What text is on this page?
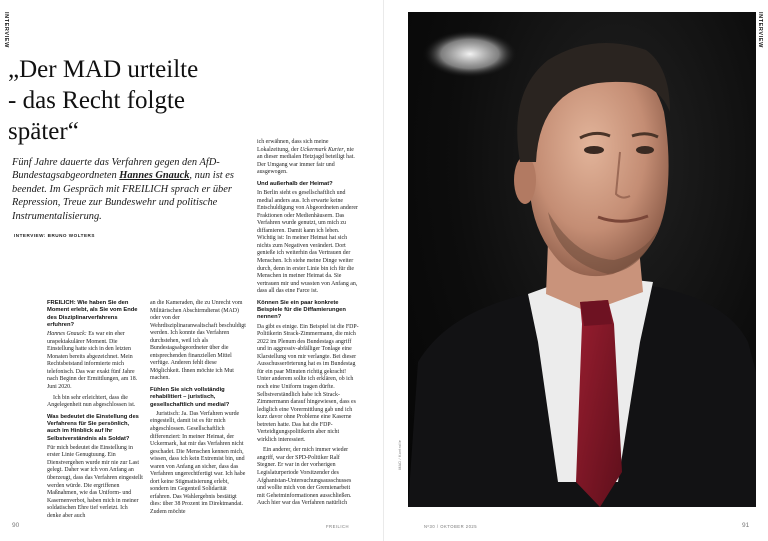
INTERVIEW
„Der MAD urteilte
- das Recht folgte
später“

Fünf Jahre dauerte das Verfahren gegen den AfD-Bundestagsabgeordneten Hannes Gnauck, nun ist es beendet. Im Gespräch mit FREILICH sprach er über Repression, Treue zur Bundeswehr und politische Instrumentalisierung.

INTERVIEW: BRUNO WOLTERS

FREILICH: Wie haben Sie den Moment erlebt, als Sie vom Ende des Disziplinarverfahrens erfuhren?

Hannes Gnauck: Es war ein eher unspektakulärer Moment. Die Einstellung hatte sich in den letzten Monaten bereits abgezeichnet. Mein Rechtsbeistand informierte mich telefonisch. Das war exakt fünf Jahre nach Beginn der Ermittlungen, am 18. Juni 2020.

Ich bin sehr erleichtert, dass die Angelegenheit nun abgeschlossen ist.

Was bedeutet die Einstellung des Verfahrens für Sie persönlich, auch im Hinblick auf Ihr Selbstverständnis als Soldat?

Für mich bedeutet die Einstellung in erster Linie Genugtuung. Ein Dienstvergehen wurde mir nie zur Last gelegt. Daher war ich von Anfang an überzeugt, dass das Verfahren eingestellt werden würde. Die ergriffenen Maßnahmen, wie das Uniform- und Kasernenverbot, haben mich in meiner soldatischen Ehre tief verletzt. Ich denke aber auch

an die Kameraden, die zu Unrecht vom Militärischen Abschirmdienst (MAD) oder von der Wehrdisziplinaranwaltschaft beschuldigt werden. Ich konnte das Verfahren durchstehen, weil ich als Bundestagsabgeordneter über die entsprechenden finanziellen Mittel verfüge. Anderen fehlt diese Möglichkeit. Ihnen möchte ich Mut machen.

Fühlen Sie sich vollständig rehabilitiert – juristisch, gesellschaftlich und medial?

Juristisch: Ja. Das Verfahren wurde eingestellt, damit ist es für mich abgeschlossen. Gesellschaftlich differenziert: In meiner Heimat, der Uckermark, hat mir das Verfahren nicht geschadet. Die Menschen kennen mich, wissen, dass ich kein Extremist bin, und waren von Anfang an sicher, dass das Verfahren ungerechtfertigt war. Ich habe dort keine Stigmatisierung erlebt, sondern im Gegenteil Solidarität erfahren. Das Wahlergebnis bestätigt dies: über 38 Prozent im Direktmandat. Zudem möchte

ich erwähnen, dass sich meine Lokalzeitung, der Uckermark Kurier, nie an dieser medialen Hetzjagd beteiligt hat. Der Umgang war immer fair und ausgewogen.

Und außerhalb der Heimat?

In Berlin sieht es gesellschaftlich und medial anders aus. Ich erwarte keine Entschuldigung von Abgeordneten anderer Fraktionen oder Medienhäusern. Das Verfahren wurde genutzt, um mich zu diffamieren. Damit kann ich leben. Wichtig ist: In meiner Heimat hat sich nichts zum Negativen verändert. Dort genieße ich weiterhin das Vertrauen der Menschen. Ich stehe meine Dinge weiter durch, denn in erster Linie bin ich für die Menschen in meiner Heimat da. Sie vertrauen mir und wussten von Anfang an, dass all das eine Farce ist.

Können Sie ein paar konkrete Beispiele für die Diffamierungen nennen?

Da gibt es einige. Ein Beispiel ist die FDP-Politikerin Strack-Zimmermann, die mich 2022 im Plenum des Bundestags angriff und in aggressiv-abfälliger Tonlage eine Klarstellung von mir verlangte. Bei dieser Ausschusserörterung hat es im Bundestag für ein paar Minuten richtig gekracht! Unter anderem sollte ich erklären, ob ich noch eine Uniform tragen dürfte. Selbstverständlich habe ich Strack-Zimmermann darauf hingewiesen, dass es lediglich eine Vorermittlung gab und ich kurz davor ohne Probleme eine Kaserne betreten hatte. Das hat die FDP-Verteidigungspolitikerin aber nicht wirklich interessiert.

Ein anderer, der mich immer wieder angriff, war der SPD-Politiker Ralf Stegner. Er war in der vorherigen Legislaturperiode Vorsitzender des Afghanistan-Untersuchungsausschusses und wollte mich von der Gremienarbeit mit Geheiminformationen ausschließen. Auch hier war das Verfahren natürlich

90	FREILICH	Nº30 / OKTOBER 2025	91
INTERVIEW
MAD / Kontrolle
